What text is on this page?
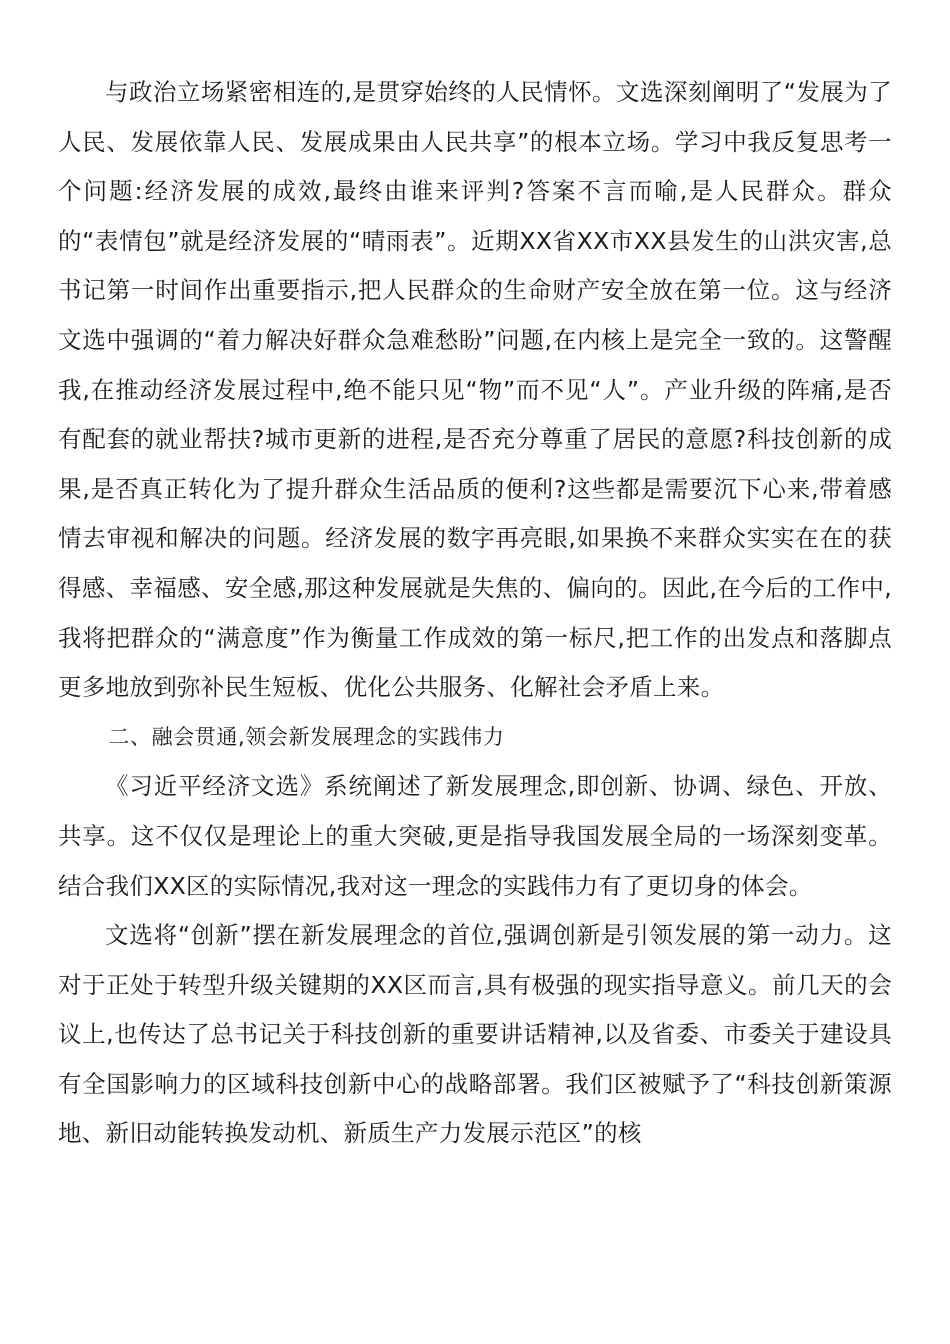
与政治立场紧密相连的,是贯穿始终的人民情怀。文选深刻阐明了“发展为了人民、发展依靠人民、发展成果由人民共享”的根本立场。学习中我反复思考一个问题:经济发展的成效,最终由谁来评判?答案不言而喻,是人民群众。群众的“表情包”就是经济发展的“晴雨表”。近期XX省XX市XX县发生的山洪灾害,总书记第一时间作出重要指示,把人民群众的生命财产安全放在第一位。这与经济文选中强调的“着力解决好群众急难愁盼”问题,在内核上是完全一致的。这警醒我,在推动经济发展过程中,绝不能只见“物”而不见“人”。产业升级的阵痛,是否有配套的就业帮扶?城市更新的进程,是否充分尊重了居民的意愿?科技创新的成果,是否真正转化为了提升群众生活品质的便利?这些都是需要沉下心来,带着感情去审视和解决的问题。经济发展的数字再亮眼,如果换不来群众实实在在的获得感、幸福感、安全感,那这种发展就是失焦的、偏向的。因此,在今后的工作中,我将把群众的“满意度”作为衡量工作成效的第一标尺,把工作的出发点和落脚点更多地放到弥补民生短板、优化公共服务、化解社会矛盾上来。

二、融会贯通,领会新发展理念的实践伟力

《习近平经济文选》系统阐述了新发展理念,即创新、协调、绿色、开放、共享。这不仅仅是理论上的重大突破,更是指导我国发展全局的一场深刻变革。结合我们XX区的实际情况,我对这一理念的实践伟力有了更切身的体会。

文选将“创新”摆在新发展理念的首位,强调创新是引领发展的第一动力。这对于正处于转型升级关键期的XX区而言,具有极强的现实指导意义。前几天的会议上,也传达了总书记关于科技创新的重要讲话精神,以及省委、市委关于建设具有全国影响力的区域科技创新中心的战略部署。我们区被赋予了“科技创新策源地、新旧动能转换发动机、新质生产力发展示范区”的核
